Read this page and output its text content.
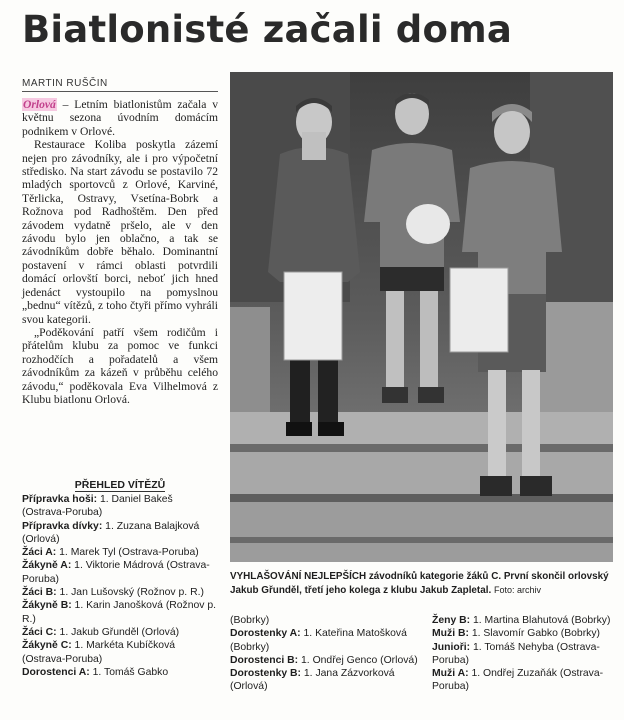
Biatlonisté začali doma
MARTIN RUŠČIN

Orlová – Letním biatlonistům začala v květnu sezona úvodním domácím podnikem v Orlové.

Restaurace Koliba poskytla zázemí nejen pro závodníky, ale i pro výpočetní středisko. Na start závodu se postavilo 72 mladých sportovců z Orlové, Karviné, Těrlicka, Ostravy, Vsetína-Bobrk a Rožnova pod Radhoštěm. Den před závodem vydatně pršelo, ale v den závodu bylo jen oblačno, a tak se závodníkům dobře běhalo. Dominantní postavení v rámci oblasti potvrdili domácí orlovští borci, neboť jich hned jedenáct vystoupilo na pomyslnou „bednu“ vítězů, z toho čtyři přímo vyhráli svou kategorii.

„Poděkování patří všem rodičům i přátelům klubu za pomoc ve funkci rozhodčích a pořadatelů a všem závodníkům za kázeň v průběhu celého závodu,“ poděkovala Eva Vilhelmová z Klubu biatlonu Orlová.

PŘEHLED VÍTĚZŮ

Přípravka hoši: 1. Daniel Bakeš (Ostrava-Poruba)

Přípravka dívky: 1. Zuzana Balajková (Orlová)

Žáci A: 1. Marek Tyl (Ostrava-Poruba)

Žákyně A: 1. Viktorie Mádrová (Ostrava-Poruba)

Žáci B: 1. Jan Lušovský (Rožnov p. R.)

Žákyně B: 1. Karin Janošková (Rožnov p. R.)

Žáci C: 1. Jakub Gřunděl (Orlová)

Žákyně C: 1. Markéta Kubíčková (Ostrava-Poruba)

Dorostenci A: 1. Tomáš Gabko

VYHLAŠOVÁNÍ NEJLEPŠÍCH závodníků kategorie žáků C. První skončil orlovský Jakub Gřunděl, třetí jeho kolega z klubu Jakub Zapletal. Foto: archiv

(Bobrky)

Dorostenky A: 1. Kateřina Matošková (Bobrky)

Dorostenci B: 1. Ondřej Genco (Orlová)

Dorostenky B: 1. Jana Zázvorková (Orlová)

Ženy B: 1. Martina Blahutová (Bobrky)

Muži B: 1. Slavomír Gabko (Bobrky)

Junioři: 1. Tomáš Nehyba (Ostrava-Poruba)

Muži A: 1. Ondřej Zuzaňák (Ostrava-Poruba)
